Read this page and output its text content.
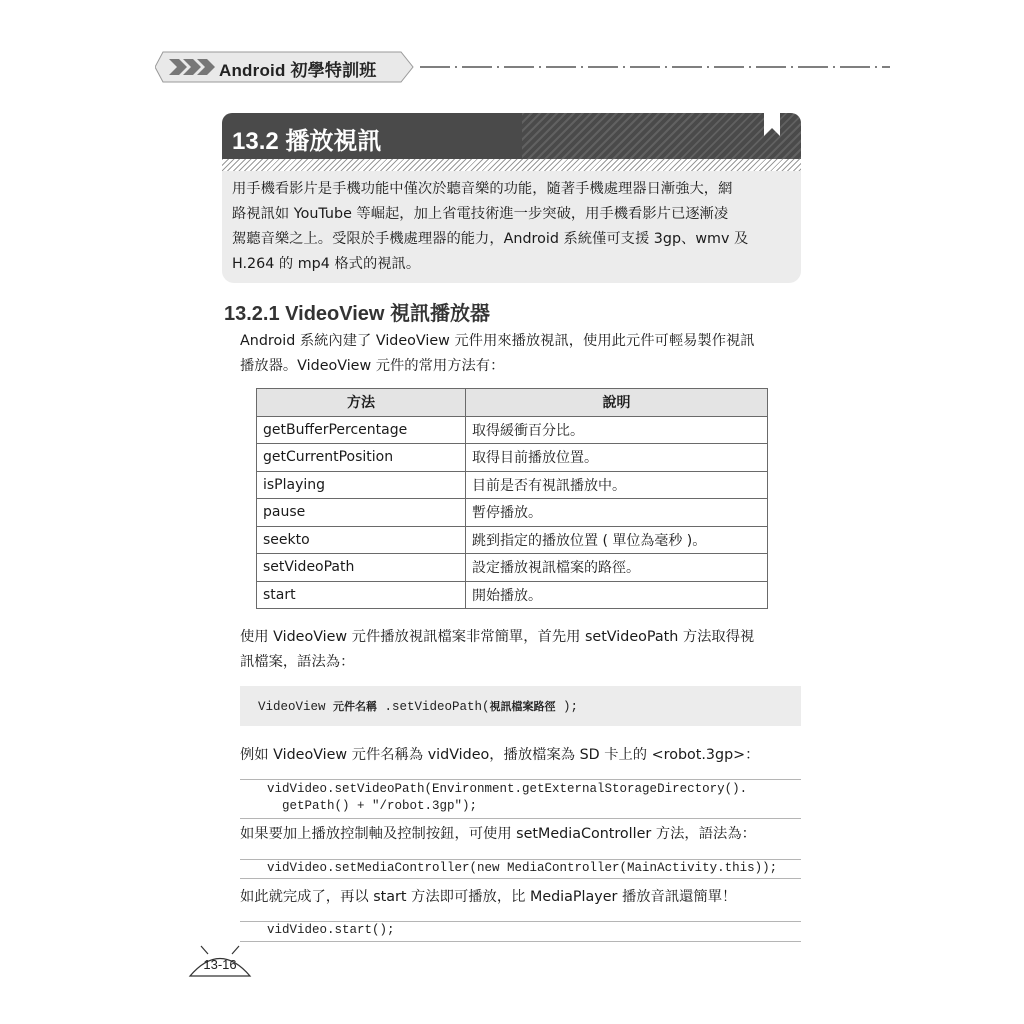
Android 初學特訓班
13.2 播放視訊
用手機看影片是手機功能中僅次於聽音樂的功能，隨著手機處理器日漸強大，網
路視訊如 YouTube 等崛起，加上省電技術進一步突破，用手機看影片已逐漸凌
駕聽音樂之上。受限於手機處理器的能力，Android 系統僅可支援 3gp、wmv 及
H.264 的 mp4 格式的視訊。
13.2.1 VideoView 視訊播放器
Android 系統內建了 VideoView 元件用來播放視訊，使用此元件可輕易製作視訊
播放器。VideoView 元件的常用方法有：
方法	說明
getBufferPercentage	取得緩衝百分比。
getCurrentPosition	取得目前播放位置。
isPlaying	目前是否有視訊播放中。
pause	暫停播放。
seekto	跳到指定的播放位置 ( 單位為毫秒 )。
setVideoPath	設定播放視訊檔案的路徑。
start	開始播放。
使用 VideoView 元件播放視訊檔案非常簡單，首先用 setVideoPath 方法取得視
訊檔案，語法為：
VideoView 元件名稱 .setVideoPath(視訊檔案路徑 );
例如 VideoView 元件名稱為 vidVideo，播放檔案為 SD 卡上的 <robot.3gp>：
vidVideo.setVideoPath(Environment.getExternalStorageDirectory().
getPath() + "/robot.3gp");
如果要加上播放控制軸及控制按鈕，可使用 setMediaController 方法，語法為：
vidVideo.setMediaController(new MediaController(MainActivity.this));
如此就完成了，再以 start 方法即可播放，比 MediaPlayer 播放音訊還簡單！
vidVideo.start();
13-16
